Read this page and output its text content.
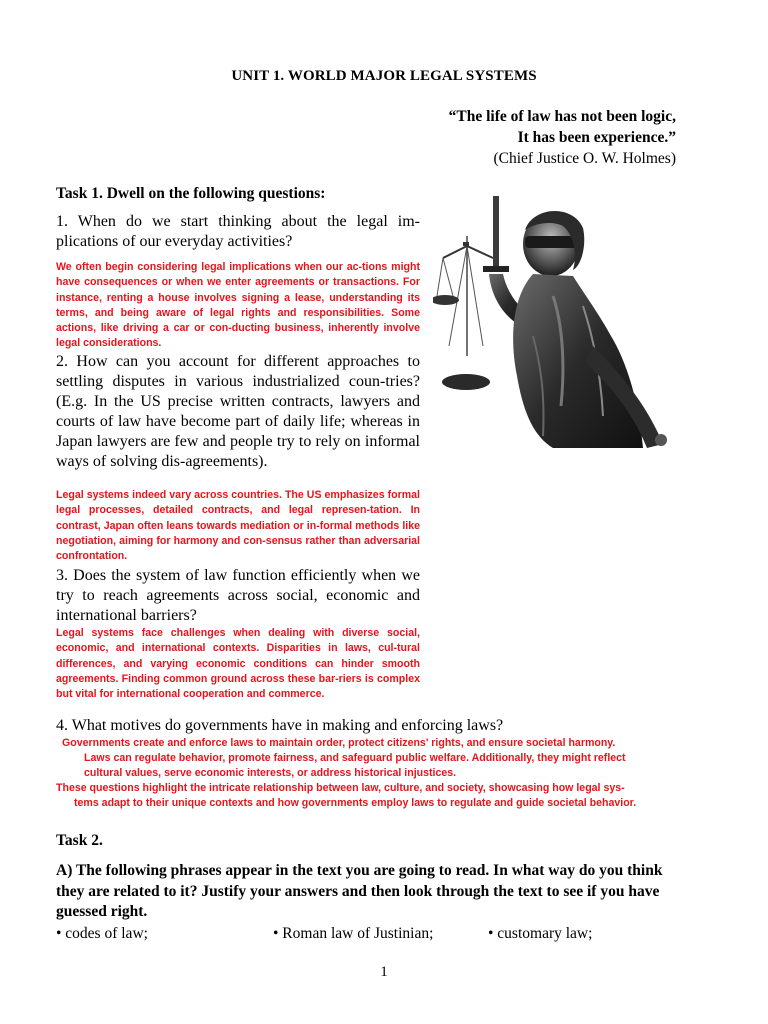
UNIT 1. WORLD MAJOR LEGAL SYSTEMS
“The life of law has not been logic,
It has been experience.”
(Chief Justice O. W. Holmes)
Task 1. Dwell on the following questions:
1. When do we start thinking about the legal im-plications of our everyday activities?
We often begin considering legal implications when our ac-tions might have consequences or when we enter agreements or transactions. For instance, renting a house involves signing a lease, understanding its terms, and being aware of legal rights and responsibilities. Some actions, like driving a car or con-ducting business, inherently involve legal considerations.
2. How can you account for different approaches to settling disputes in various industrialized coun-tries? (E.g. In the US precise written contracts, lawyers and courts of law have become part of daily life; whereas in Japan lawyers are few and people try to rely on informal ways of solving dis-agreements).
Legal systems indeed vary across countries. The US emphasizes formal legal processes, detailed contracts, and legal represen-tation. In contrast, Japan often leans towards mediation or in-formal methods like negotiation, aiming for harmony and con-sensus rather than adversarial confrontation.
3. Does the system of law function efficiently when we try to reach agreements across social, economic and international barriers?
Legal systems face challenges when dealing with diverse social, economic, and international contexts. Disparities in laws, cul-tural differences, and varying economic conditions can hinder smooth agreements. Finding common ground across these bar-riers is complex but vital for international cooperation and commerce.
4. What motives do governments have in making and enforcing laws?
Governments create and enforce laws to maintain order, protect citizens' rights, and ensure societal harmony.
Laws can regulate behavior, promote fairness, and safeguard public welfare. Additionally, they might reflect
cultural values, serve economic interests, or address historical injustices.
These questions highlight the intricate relationship between law, culture, and society, showcasing how legal sys-
tems adapt to their unique contexts and how governments employ laws to regulate and guide societal behavior.
Task 2.
A) The following phrases appear in the text you are going to read. In what way do you think they are related to it? Justify your answers and then look through the text to see if you have guessed right.
• codes of law;	• Roman law of Justinian;	• customary law;
1
